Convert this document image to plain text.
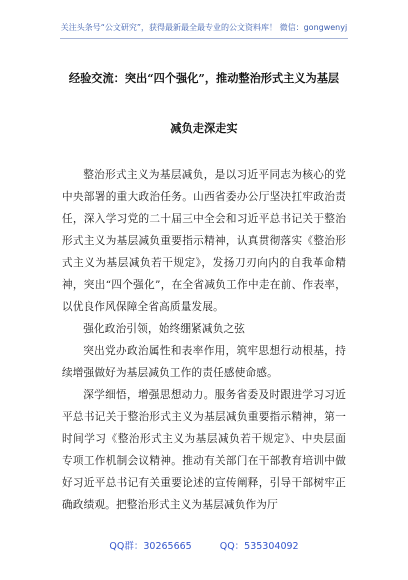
关注头条号“公文研究”，获得最新最全最专业的公文资料库！ 微信：gongwenyj
经验交流：突出“四个强化”，推动整治形式主义为基层
减负走深走实

整治形式主义为基层减负，是以习近平同志为核心的党中央部署的重大政治任务。山西省委办公厅坚决扛牢政治责任，深入学习党的二十届三中全会和习近平总书记关于整治形式主义为基层减负重要指示精神，认真贯彻落实《整治形式主义为基层减负若干规定》，发扬刀刃向内的自我革命精神，突出“四个强化”，在全省减负工作中走在前、作表率，以优良作风保障全省高质量发展。

强化政治引领，始终绷紧减负之弦

突出党办政治属性和表率作用，筑牢思想行动根基，持续增强做好为基层减负工作的责任感使命感。

深学细悟，增强思想动力。服务省委及时跟进学习习近平总书记关于整治形式主义为基层减负重要指示精神，第一时间学习《整治形式主义为基层减负若干规定》、中央层面专项工作机制会议精神。推动有关部门在干部教育培训中做好习近平总书记有关重要论述的宣传阐释，引导干部树牢正确政绩观。把整治形式主义为基层减负作为厅

QQ群：30265665	QQ：535304092
